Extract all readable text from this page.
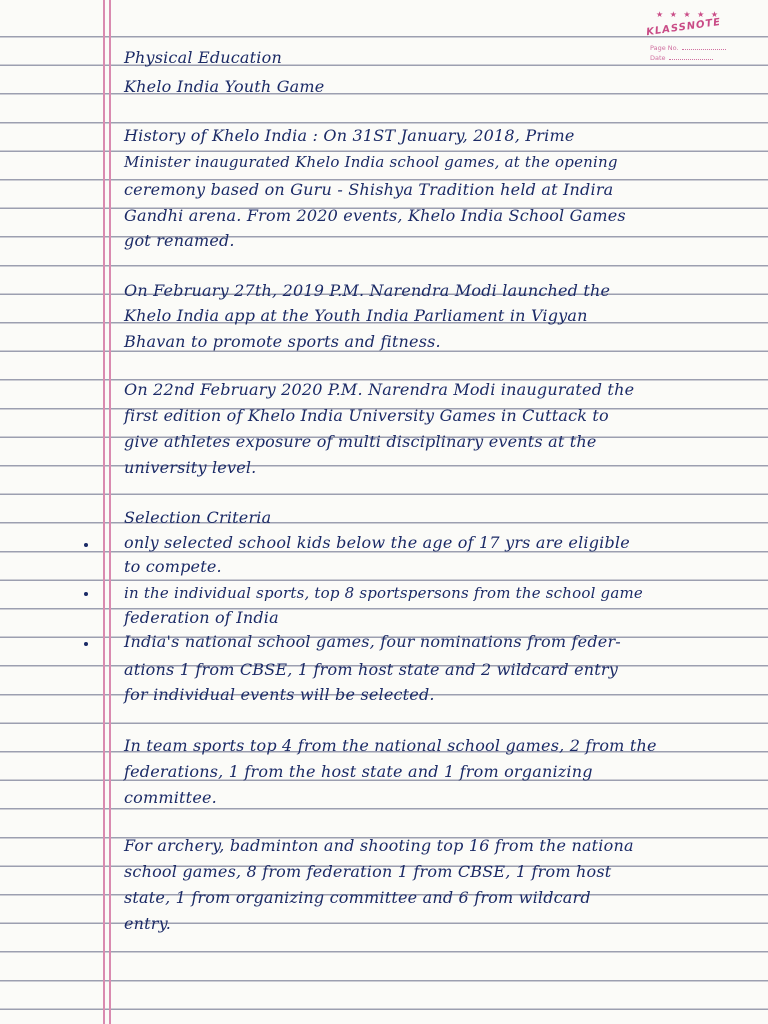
★ ★ ★ ★ ★
KLASSNOTE
Page No.
Date

Physical Education

Khelo India Youth Game

History of Khelo India : On 31ST January, 2018, Prime

Minister inaugurated Khelo India school games, at the opening

ceremony based on Guru - Shishya Tradition held at Indira

Gandhi arena. From 2020 events, Khelo India School Games

got renamed.

On February 27th, 2019 P.M. Narendra Modi launched the

Khelo India app at the Youth India Parliament in Vigyan

Bhavan to promote sports and fitness.

On 22nd February 2020 P.M. Narendra Modi inaugurated the

first edition of Khelo India University Games in Cuttack to

give athletes exposure of multi disciplinary events at the

university level.

Selection Criteria

only selected school kids below the age of 17 yrs are eligible

to compete.

in the individual sports, top 8 sportspersons from the school game

federation of India

India's national school games, four nominations from feder-

ations 1 from CBSE, 1 from host state and 2 wildcard entry

for individual events will be selected.

In team sports top 4 from the national school games, 2 from the

federations, 1 from the host state and 1 from organizing

committee.

For archery, badminton and shooting top 16 from the nationa

school games, 8 from federation 1 from CBSE, 1 from host

state, 1 from organizing committee and 6 from wildcard

entry.
